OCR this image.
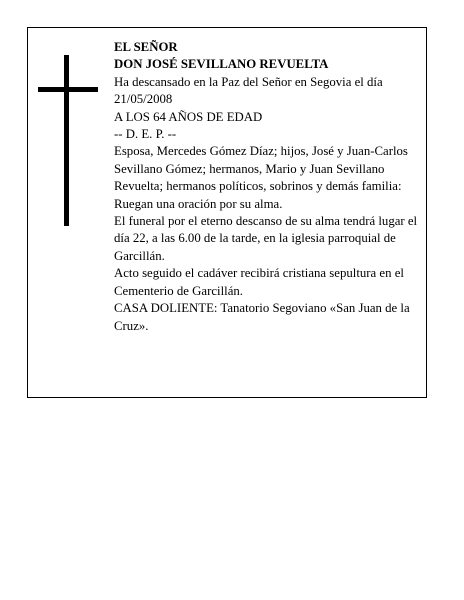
EL SEÑOR

DON JOSÉ SEVILLANO REVUELTA

Ha descansado en la Paz del Señor en Segovia el día 21/05/2008

A LOS 64 AÑOS DE EDAD

-- D. E. P. --

Esposa, Mercedes Gómez Díaz; hijos, José y Juan-Carlos Sevillano Gómez; hermanos, Mario y Juan Sevillano Revuelta; hermanos políticos, sobrinos y demás familia:

Ruegan una oración por su alma.

El funeral por el eterno descanso de su alma tendrá lugar el día 22, a las 6.00 de la tarde, en la iglesia parroquial de Garcillán.

Acto seguido el cadáver recibirá cristiana sepultura en el Cementerio de Garcillán.

CASA DOLIENTE: Tanatorio Segoviano «San Juan de la Cruz».
